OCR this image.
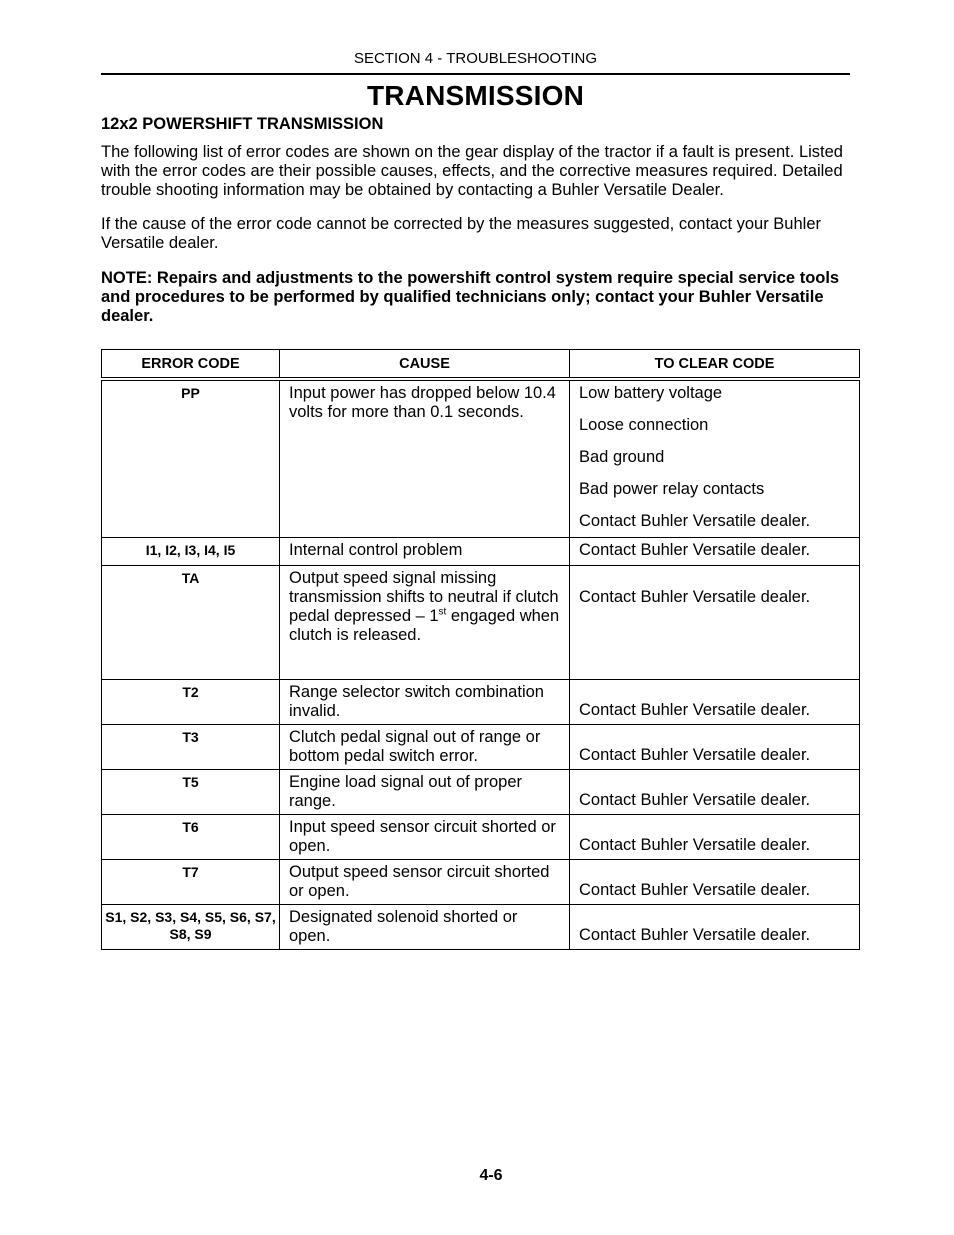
SECTION 4 - TROUBLESHOOTING
TRANSMISSION
12x2 POWERSHIFT TRANSMISSION
The following list of error codes are shown on the gear display of the tractor if a fault is present. Listed with the error codes are their possible causes, effects, and the corrective measures required. Detailed trouble shooting information may be obtained by contacting a Buhler Versatile Dealer.
If the cause of the error code cannot be corrected by the measures suggested, contact your Buhler Versatile dealer.
NOTE: Repairs and adjustments to the powershift control system require special service tools and procedures to be performed by qualified technicians only; contact your Buhler Versatile dealer.
ERROR CODE	CAUSE	TO CLEAR CODE
PP	Input power has dropped below 10.4 volts for more than 0.1 seconds.	Low battery voltage
Loose connection
Bad ground
Bad power relay contacts
Contact Buhler Versatile dealer.

I1, I2, I3, I4, I5	Internal control problem	Contact Buhler Versatile dealer.
TA	Output speed signal missing transmission shifts to neutral if clutch pedal depressed – 1st engaged when clutch is released.	Contact Buhler Versatile dealer.
T2	Range selector switch combination invalid.	Contact Buhler Versatile dealer.
T3	Clutch pedal signal out of range or bottom pedal switch error.	Contact Buhler Versatile dealer.
T5	Engine load signal out of proper range.	Contact Buhler Versatile dealer.
T6	Input speed sensor circuit shorted or open.	Contact Buhler Versatile dealer.
T7	Output speed sensor circuit shorted or open.	Contact Buhler Versatile dealer.
S1, S2, S3, S4, S5, S6, S7, S8, S9	Designated solenoid shorted or open.	Contact Buhler Versatile dealer.
4-6
